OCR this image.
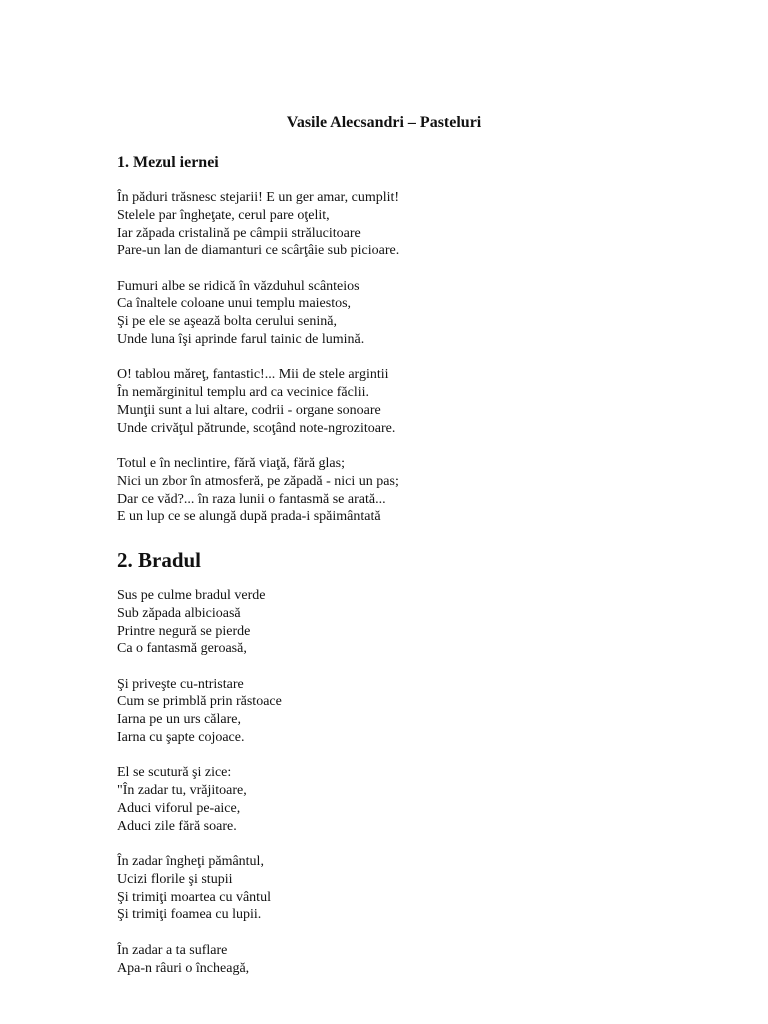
Vasile Alecsandri – Pasteluri
1. Mezul iernei
În păduri trăsnesc stejarii! E un ger amar, cumplit!
Stelele par îngheţate, cerul pare oţelit,
Iar zăpada cristalină pe câmpii strălucitoare
Pare-un lan de diamanturi ce scârţâie sub picioare.
Fumuri albe se ridică în văzduhul scânteios
Ca înaltele coloane unui templu maiestos,
Şi pe ele se aşează bolta cerului senină,
Unde luna îşi aprinde farul tainic de lumină.
O! tablou măreţ, fantastic!... Mii de stele argintii
În nemărginitul templu ard ca vecinice făclii.
Munţii sunt a lui altare, codrii - organe sonoare
Unde crivăţul pătrunde, scoţând note-ngrozitoare.
Totul e în neclintire, fără viaţă, fără glas;
Nici un zbor în atmosferă, pe zăpadă - nici un pas;
Dar ce văd?... în raza lunii o fantasmă se arată...
E un lup ce se alungă după prada-i spăimântată
2. Bradul
Sus pe culme bradul verde
Sub zăpada albicioasă
Printre negură se pierde
Ca o fantasmă geroasă,
Şi priveşte cu-ntristare
Cum se primblă prin răstoace
Iarna pe un urs călare,
Iarna cu şapte cojoace.
El se scutură şi zice:
"În zadar tu, vrăjitoare,
Aduci viforul pe-aice,
Aduci zile fără soare.
În zadar îngheţi pământul,
Ucizi florile şi stupii
Şi trimiţi moartea cu vântul
Şi trimiţi foamea cu lupii.
În zadar a ta suflare
Apa-n râuri o încheagă,
